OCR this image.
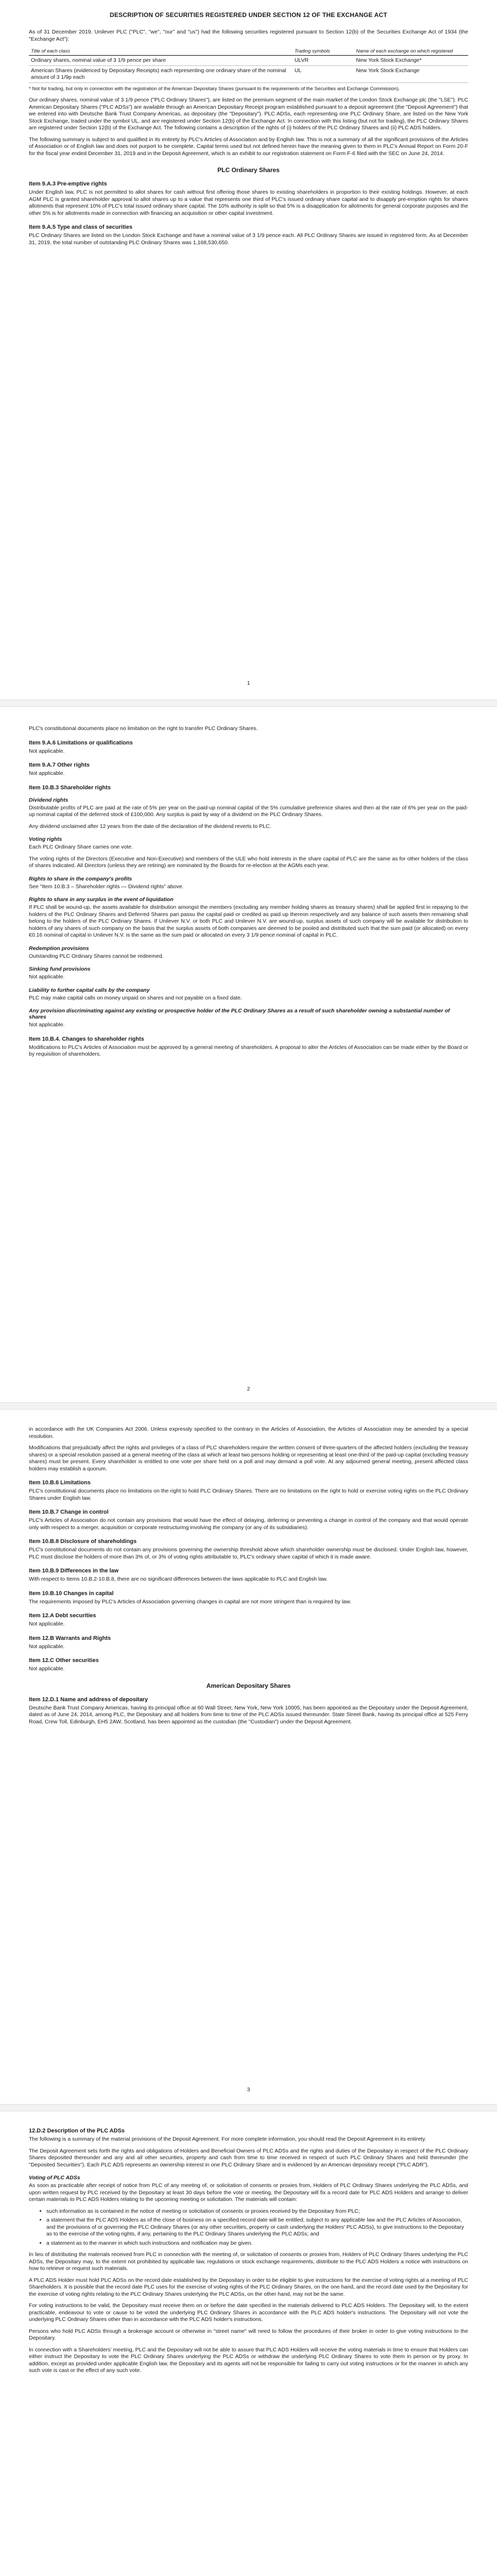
DESCRIPTION OF SECURITIES REGISTERED UNDER SECTION 12 OF THE EXCHANGE ACT

As of 31 December 2019, Unilever PLC ("PLC", "we", "our" and "us") had the following securities registered pursuant to Section 12(b) of the Securities Exchange Act of 1934 (the "Exchange Act"):

Title of each class	Trading symbols	Name of each exchange on which registered
Ordinary shares, nominal value of 3 1/9 pence per share	ULVR	New York Stock Exchange*
American Shares (evidenced by Depositary Receipts) each representing one ordinary share of the nominal amount of 3 1/9p each	UL	New York Stock Exchange

* Not for trading, but only in connection with the registration of the American Depositary Shares (pursuant to the requirements of the Securities and Exchange Commission).

Our ordinary shares, nominal value of 3 1/9 pence ("PLC Ordinary Shares"), are listed on the premium segment of the main market of the London Stock Exchange plc (the "LSE"). PLC American Depositary Shares ("PLC ADSs") are available through an American Depositary Receipt program established pursuant to a deposit agreement (the "Deposit Agreement") that we entered into with Deutsche Bank Trust Company Americas, as depositary (the "Depositary"). PLC ADSs, each representing one PLC Ordinary Share, are listed on the New York Stock Exchange, traded under the symbol UL, and are registered under Section 12(b) of the Exchange Act. In connection with this listing (but not for trading), the PLC Ordinary Shares are registered under Section 12(b) of the Exchange Act. The following contains a description of the rights of (i) holders of the PLC Ordinary Shares and (ii) PLC ADS holders.

The following summary is subject to and qualified in its entirety by PLC's Articles of Association and by English law. This is not a summary of all the significant provisions of the Articles of Association or of English law and does not purport to be complete. Capital terms used but not defined herein have the meaning given to them in PLC's Annual Report on Form 20-F for the fiscal year ended December 31, 2019 and in the Deposit Agreement, which is an exhibit to our registration statement on Form F-6 filed with the SEC on June 24, 2014.

PLC Ordinary Shares
Item 9.A.3 Pre-emptive rights

Under English law, PLC is not permitted to allot shares for cash without first offering those shares to existing shareholders in proportion to their existing holdings. However, at each AGM PLC is granted shareholder approval to allot shares up to a value that represents one third of PLC's issued ordinary share capital and to disapply pre-emption rights for shares allotments that represent 10% of PLC's total issued ordinary share capital. The 10% authority is split so that 5% is a disapplication for allotments for general corporate purposes and the other 5% is for allotments made in connection with financing an acquisition or other capital investment.

Item 9.A.5 Type and class of securities

PLC Ordinary Shares are listed on the London Stock Exchange and have a nominal value of 3 1/9 pence each. All PLC Ordinary Shares are issued in registered form. As at December 31, 2019, the total number of outstanding PLC Ordinary Shares was 1,168,530,650.

1

PLC's constitutional documents place no limitation on the right to transfer PLC Ordinary Shares.

Item 9.A.6 Limitations or qualifications

Not applicable.

Item 9.A.7 Other rights

Not applicable.

Item 10.B.3 Shareholder rights
Dividend rights

Distributable profits of PLC are paid at the rate of 5% per year on the paid-up nominal capital of the 5% cumulative preference shares and then at the rate of 6% per year on the paid-up nominal capital of the deferred stock of £100,000. Any surplus is paid by way of a dividend on the PLC Ordinary Shares.

Any dividend unclaimed after 12 years from the date of the declaration of the dividend reverts to PLC.

Voting rights

Each PLC Ordinary Share carries one vote.

The voting rights of the Directors (Executive and Non-Executive) and members of the ULE who hold interests in the share capital of PLC are the same as for other holders of the class of shares indicated. All Directors (unless they are retiring) are nominated by the Boards for re-election at the AGMs each year.

Rights to share in the company's profits

See "Item 10.B.3 – Shareholder rights — Dividend rights" above.

Rights to share in any surplus in the event of liquidation

If PLC shall be wound-up, the assets available for distribution amongst the members (excluding any member holding shares as treasury shares) shall be applied first in repaying to the holders of the PLC Ordinary Shares and Deferred Shares pari passu the capital paid or credited as paid up thereon respectively and any balance of such assets then remaining shall belong to the holders of the PLC Ordinary Shares. If Unilever N.V. or both PLC and Unilever N.V. are wound-up, surplus assets of such company will be available for distribution to holders of any shares of such company on the basis that the surplus assets of both companies are deemed to be pooled and distributed such that the sum paid (or allocated) on every €0.16 nominal of capital in Unilever N.V. is the same as the sum paid or allocated on every 3 1/9 pence nominal of capital in PLC.

Redemption provisions

Outstanding PLC Ordinary Shares cannot be redeemed.

Sinking fund provisions

Not applicable.

Liability to further capital calls by the company

PLC may make capital calls on money unpaid on shares and not payable on a fixed date.

Any provision discriminating against any existing or prospective holder of the PLC Ordinary Shares as a result of such shareholder owning a substantial number of shares

Not applicable.

Item 10.B.4. Changes to shareholder rights

Modifications to PLC's Articles of Association must be approved by a general meeting of shareholders. A proposal to alter the Articles of Association can be made either by the Board or by requisition of shareholders.

2

in accordance with the UK Companies Act 2006. Unless expressly specified to the contrary in the Articles of Association, the Articles of Association may be amended by a special resolution.

Modifications that prejudicially affect the rights and privileges of a class of PLC shareholders require the written consent of three-quarters of the affected holders (excluding the treasury shares) or a special resolution passed at a general meeting of the class at which at least two persons holding or representing at least one-third of the paid-up capital (excluding treasury shares) must be present. Every shareholder is entitled to one vote per share held on a poll and may demand a poll vote. At any adjourned general meeting, present affected class holders may establish a quorum.

Item 10.B.6 Limitations

PLC's constitutional documents place no limitations on the right to hold PLC Ordinary Shares. There are no limitations on the right to hold or exercise voting rights on the PLC Ordinary Shares under English law.

Item 10.B.7 Change in control

PLC's Articles of Association do not contain any provisions that would have the effect of delaying, deferring or preventing a change in control of the company and that would operate only with respect to a merger, acquisition or corporate restructuring involving the company (or any of its subsidiaries).

Item 10.B.8 Disclosure of shareholdings

PLC's constitutional documents do not contain any provisions governing the ownership threshold above which shareholder ownership must be disclosed. Under English law, however, PLC must disclose the holders of more than 3% of, or 3% of voting rights attributable to, PLC's ordinary share capital of which it is made aware.

Item 10.B.9 Differences in the law

With respect to Items 10.B.2-10.B.8, there are no significant differences between the laws applicable to PLC and English law.

Item 10.B.10 Changes in capital

The requirements imposed by PLC's Articles of Association governing changes in capital are not more stringent than is required by law.

Item 12.A Debt securities

Not applicable.

Item 12.B Warrants and Rights

Not applicable.

Item 12.C Other securities

Not applicable.

American Depositary Shares
Item 12.D.1 Name and address of depositary

Deutsche Bank Trust Company Americas, having its principal office at 60 Wall Street, New York, New York 10005, has been appointed as the Depositary under the Deposit Agreement, dated as of June 24, 2014, among PLC, the Depositary and all holders from time to time of the PLC ADSs issued thereunder. State Street Bank, having its principal office at 525 Ferry Road, Crew Toll, Edinburgh, EH5 2AW, Scotland, has been appointed as the custodian (the "Custodian") under the Deposit Agreement.

3
12.D.2 Description of the PLC ADSs

The following is a summary of the material provisions of the Deposit Agreement. For more complete information, you should read the Deposit Agreement in its entirety.

The Deposit Agreement sets forth the rights and obligations of Holders and Beneficial Owners of PLC ADSs and the rights and duties of the Depositary in respect of the PLC Ordinary Shares deposited thereunder and any and all other securities, property and cash from time to time received in respect of such PLC Ordinary Shares and held thereunder (the "Deposited Securities"). Each PLC ADS represents an ownership interest in one PLC Ordinary Share and is evidenced by an American depositary receipt ("PLC ADR").

Voting of PLC ADSs

As soon as practicable after receipt of notice from PLC of any meeting of, or solicitation of consents or proxies from, Holders of PLC Ordinary Shares underlying the PLC ADSs, and upon written request by PLC received by the Depositary at least 30 days before the vote or meeting, the Depositary will fix a record date for PLC ADS Holders and arrange to deliver certain materials to PLC ADS Holders relating to the upcoming meeting or solicitation. The materials will contain:

• such information as is contained in the notice of meeting or solicitation of consents or proxies received by the Depositary from PLC;
• a statement that the PLC ADS Holders as of the close of business on a specified record date will be entitled, subject to any applicable law and the PLC Articles of Association, and the provisions of or governing the PLC Ordinary Shares (or any other securities, property or cash underlying the Holders' PLC ADSs), to give instructions to the Depositary as to the exercise of the voting rights, if any, pertaining to the PLC Ordinary Shares underlying the PLC ADSs; and
• a statement as to the manner in which such instructions and notification may be given.

In lieu of distributing the materials received from PLC in connection with the meeting of, or solicitation of consents or proxies from, Holders of PLC Ordinary Shares underlying the PLC ADSs, the Depositary may, to the extent not prohibited by applicable law, regulations or stock exchange requirements, distribute to the PLC ADS Holders a notice with instructions on how to retrieve or request such materials.

A PLC ADS Holder must hold PLC ADSs on the record date established by the Depositary in order to be eligible to give instructions for the exercise of voting rights at a meeting of PLC Shareholders. It is possible that the record date PLC uses for the exercise of voting rights of the PLC Ordinary Shares, on the one hand, and the record date used by the Depositary for the exercise of voting rights relating to the PLC Ordinary Shares underlying the PLC ADSs, on the other hand, may not be the same.

For voting instructions to be valid, the Depositary must receive them on or before the date specified in the materials delivered to PLC ADS Holders. The Depositary will, to the extent practicable, endeavour to vote or cause to be voted the underlying PLC Ordinary Shares in accordance with the PLC ADS holder's instructions. The Depositary will not vote the underlying PLC Ordinary Shares other than in accordance with the PLC ADS holder's instructions.

Persons who hold PLC ADSs through a brokerage account or otherwise in "street name" will need to follow the procedures of their broker in order to give voting instructions to the Depositary.

In connection with a Shareholders' meeting, PLC and the Depositary will not be able to assure that PLC ADS Holders will receive the voting materials in time to ensure that Holders can either instruct the Depositary to vote the PLC Ordinary Shares underlying the PLC ADSs or withdraw the underlying PLC Ordinary Shares to vote them in person or by proxy. In addition, except as provided under applicable English law, the Depositary and its agents will not be responsible for failing to carry out voting instructions or for the manner in which any such vote is cast or the effect of any such vote.
